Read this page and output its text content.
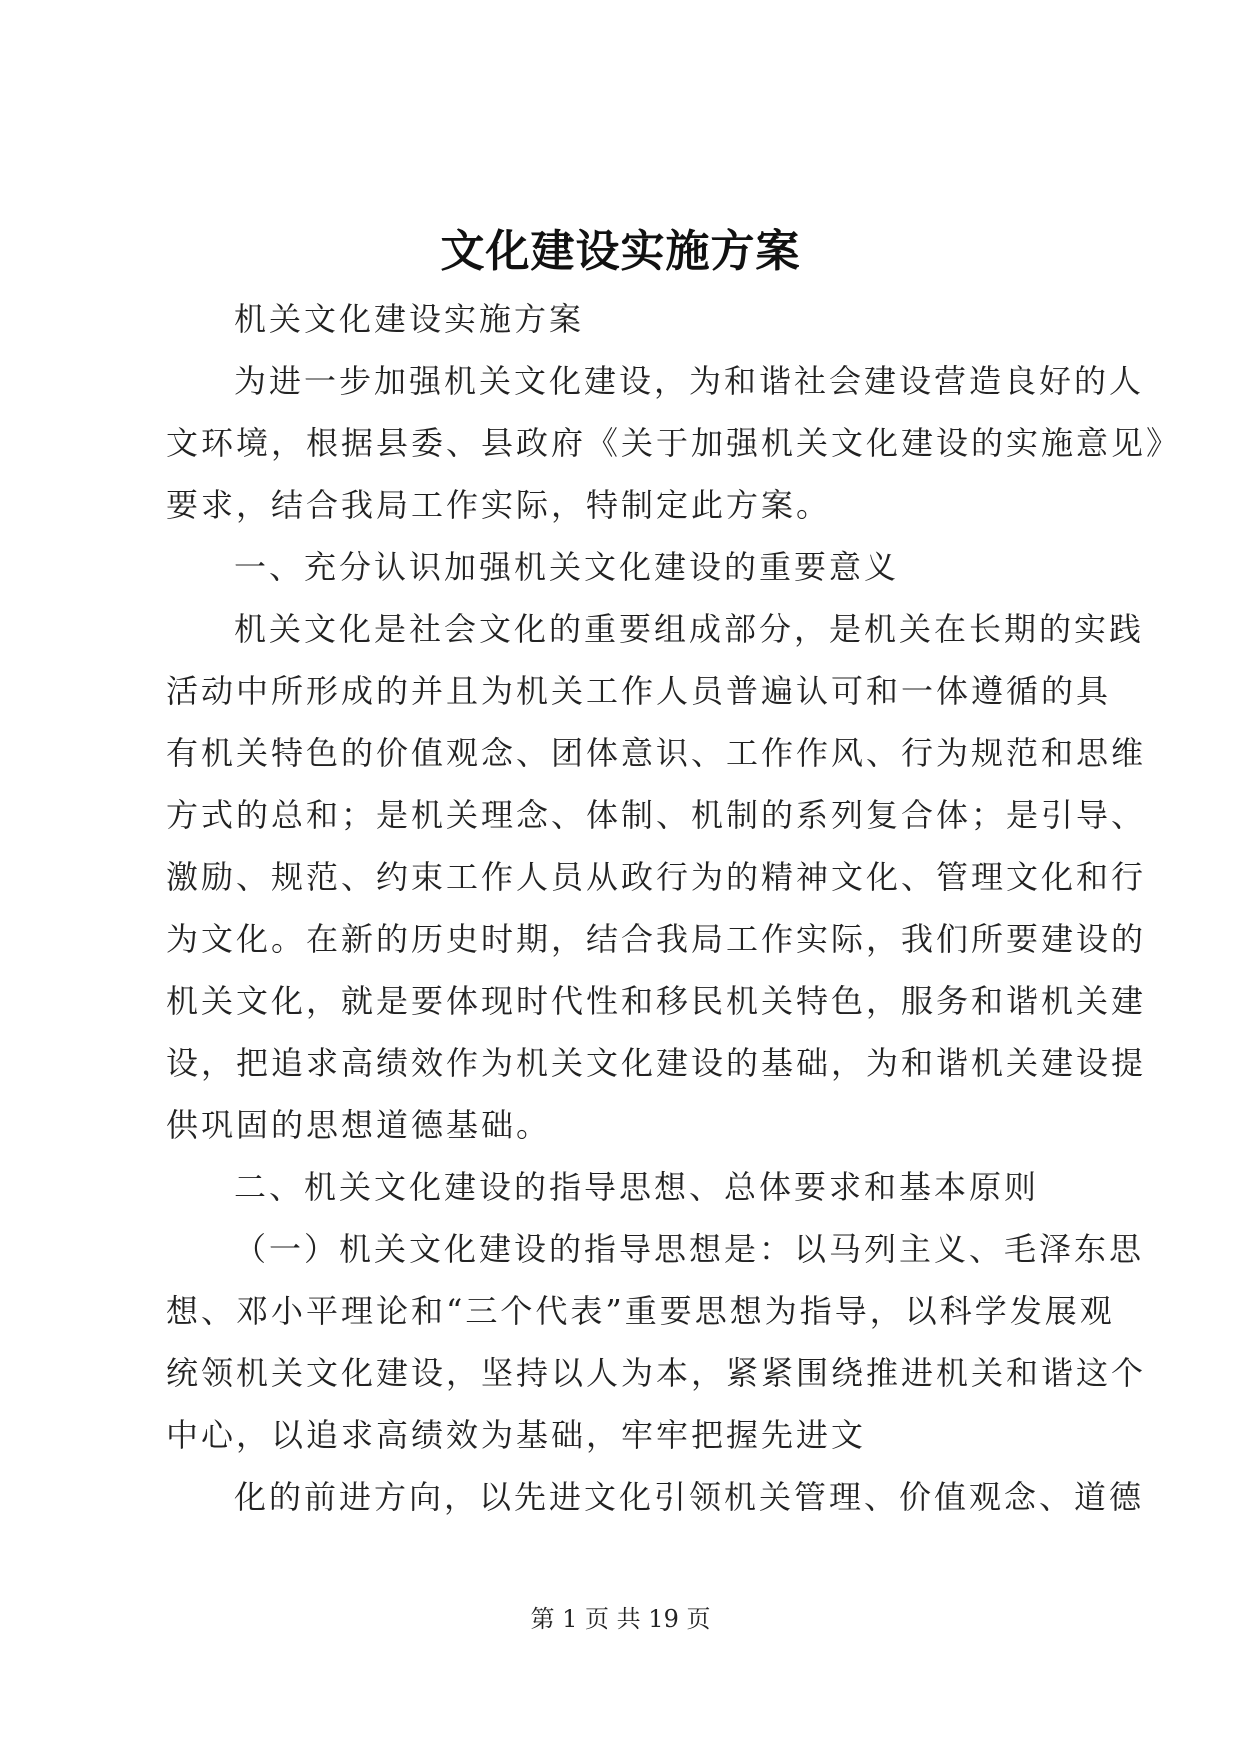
文化建设实施方案
机关文化建设实施方案
为进一步加强机关文化建设，为和谐社会建设营造良好的人
文环境，根据县委、县政府《关于加强机关文化建设的实施意见》
要求，结合我局工作实际，特制定此方案。
一、充分认识加强机关文化建设的重要意义
机关文化是社会文化的重要组成部分，是机关在长期的实践
活动中所形成的并且为机关工作人员普遍认可和一体遵循的具
有机关特色的价值观念、团体意识、工作作风、行为规范和思维
方式的总和；是机关理念、体制、机制的系列复合体；是引导、
激励、规范、约束工作人员从政行为的精神文化、管理文化和行
为文化。在新的历史时期，结合我局工作实际，我们所要建设的
机关文化，就是要体现时代性和移民机关特色，服务和谐机关建
设，把追求高绩效作为机关文化建设的基础，为和谐机关建设提
供巩固的思想道德基础。
二、机关文化建设的指导思想、总体要求和基本原则
（一）机关文化建设的指导思想是：以马列主义、毛泽东思
想、邓小平理论和“三个代表”重要思想为指导，以科学发展观
统领机关文化建设，坚持以人为本，紧紧围绕推进机关和谐这个
中心，以追求高绩效为基础，牢牢把握先进文
化的前进方向，以先进文化引领机关管理、价值观念、道德
第 1 页 共 19 页
